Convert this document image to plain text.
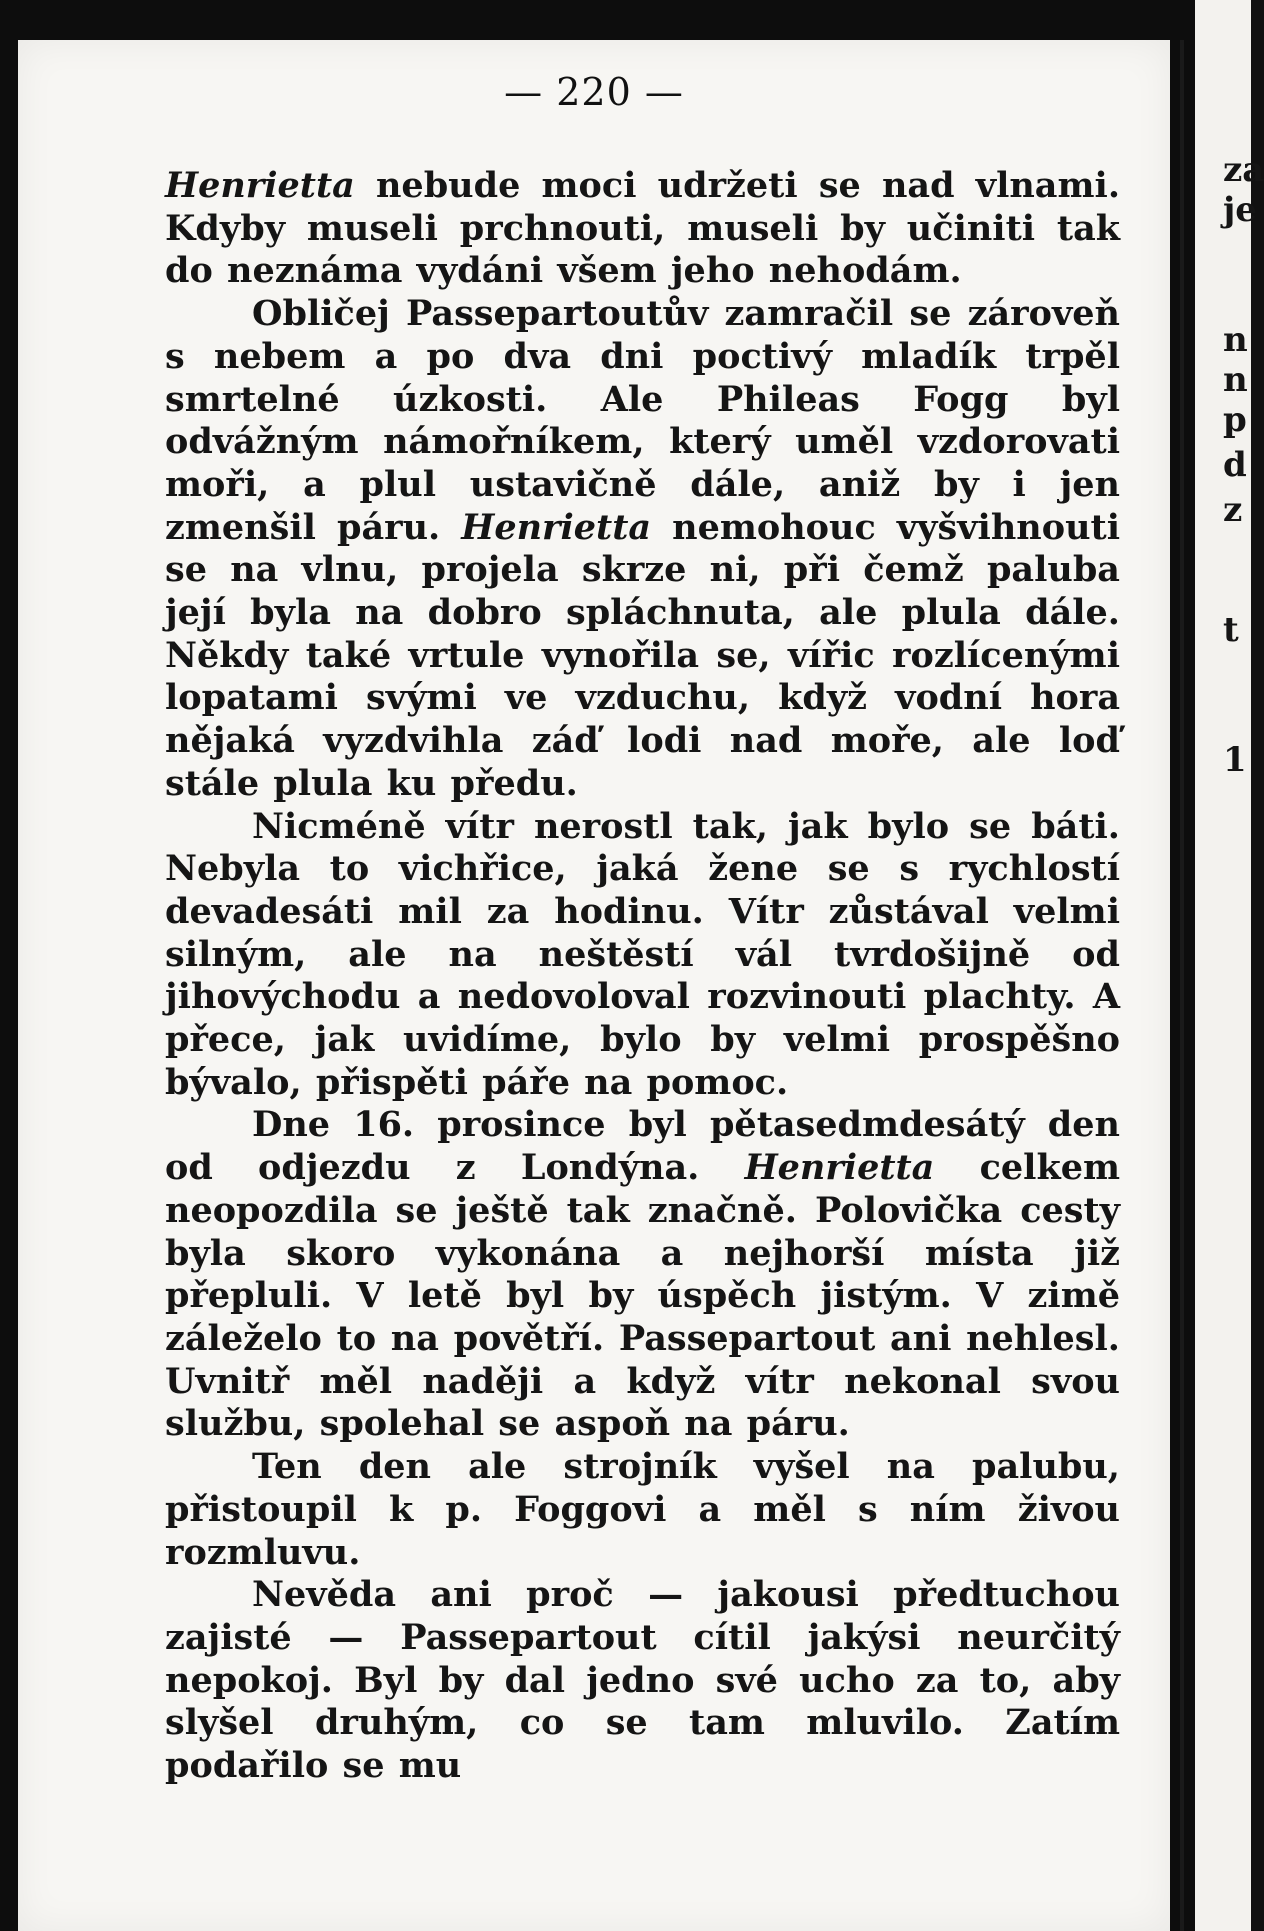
— 220 —

Henrietta nebude moci udržeti se nad vlnami. Kdyby museli prchnouti, museli by učiniti tak do neznáma vydáni všem jeho nehodám.

Obličej Passepartoutův zamračil se zároveň s nebem a po dva dni poctivý mladík trpěl smrtelné úzkosti. Ale Phileas Fogg byl odvážným námořníkem, který uměl vzdorovati moři, a plul ustavičně dále, aniž by i jen zmenšil páru. Henrietta nemohouc vyšvihnouti se na vlnu, projela skrze ni, při čemž paluba její byla na dobro spláchnuta, ale plula dále. Někdy také vrtule vynořila se, vířic rozlícenými lopatami svými ve vzduchu, když vodní hora nějaká vyzdvihla záď lodi nad moře, ale loď stále plula ku předu.

Nicméně vítr nerostl tak, jak bylo se báti. Nebyla to vichřice, jaká žene se s rychlostí devadesáti mil za hodinu. Vítr zůstával velmi silným, ale na neštěstí vál tvrdošijně od jihovýchodu a nedovoloval rozvinouti plachty. A přece, jak uvidíme, bylo by velmi prospěšno bývalo, přispěti páře na pomoc.

Dne 16. prosince byl pětasedmdesátý den od odjezdu z Londýna. Henrietta celkem neopozdila se ještě tak značně. Polovička cesty byla skoro vykonána a nejhorší místa již přepluli. V letě byl by úspěch jistým. V zimě záleželo to na povětří. Passepartout ani nehlesl. Uvnitř měl naději a když vítr nekonal svou službu, spolehal se aspoň na páru.

Ten den ale strojník vyšel na palubu, přistoupil k p. Foggovi a měl s ním živou rozmluvu.

Nevěda ani proč — jakousi předtuchou zajisté — Passepartout cítil jakýsi neurčitý nepokoj. Byl by dal jedno své ucho za to, aby slyšel druhým, co se tam mluvilo. Zatím podařilo se mu

za

je

n

n

p

d

z

t

1
